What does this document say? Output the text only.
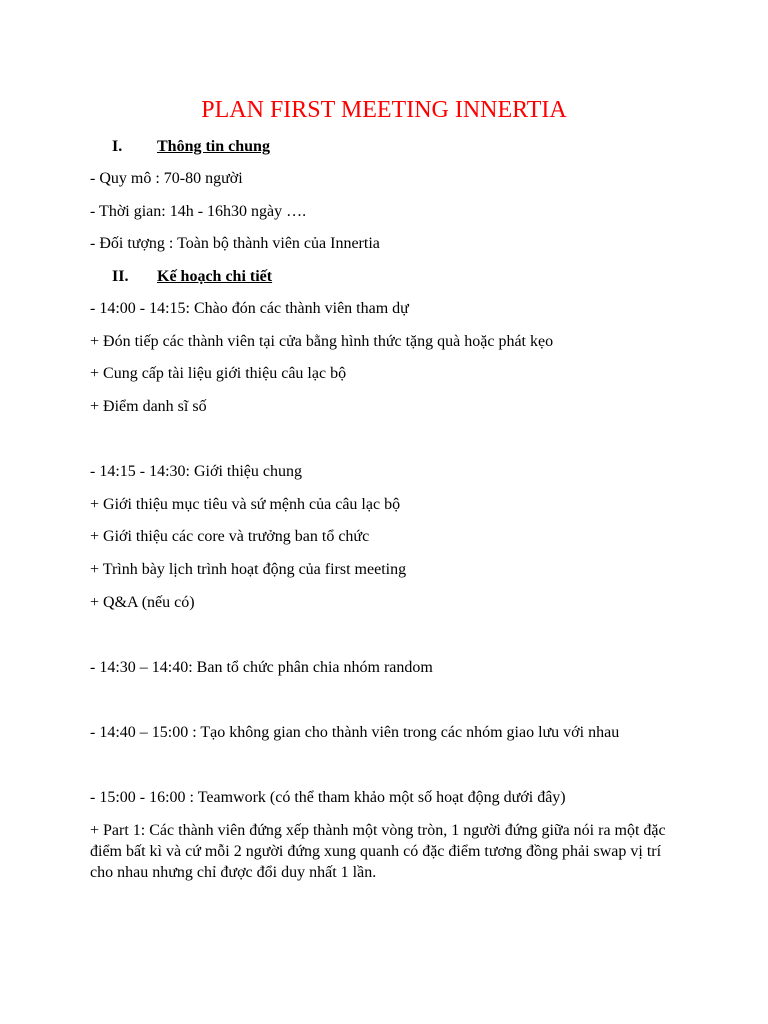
PLAN FIRST MEETING INNERTIA
I. Thông tin chung
- Quy mô : 70-80 người
- Thời gian: 14h - 16h30 ngày ….
- Đối tượng : Toàn bộ thành viên của Innertia
II. Kế hoạch chi tiết
- 14:00 - 14:15: Chào đón các thành viên tham dự
+ Đón tiếp các thành viên tại cửa bằng hình thức tặng quà hoặc phát kẹo
+ Cung cấp tài liệu giới thiệu câu lạc bộ
+ Điểm danh sĩ số
- 14:15 - 14:30: Giới thiệu chung
+ Giới thiệu mục tiêu và sứ mệnh của câu lạc bộ
+ Giới thiệu các core và trưởng ban tổ chức
+ Trình bày lịch trình hoạt động của first meeting
+ Q&A (nếu có)
- 14:30 – 14:40: Ban tổ chức phân chia nhóm random
- 14:40 – 15:00 : Tạo không gian cho thành viên trong các nhóm giao lưu với nhau
- 15:00 - 16:00 : Teamwork (có thể tham khảo một số hoạt động dưới đây)
+ Part 1: Các thành viên đứng xếp thành một vòng tròn, 1 người đứng giữa nói ra một đặc điểm bất kì và cứ mỗi 2 người đứng xung quanh có đặc điểm tương đồng phải swap vị trí cho nhau nhưng chỉ được đổi duy nhất 1 lần.
